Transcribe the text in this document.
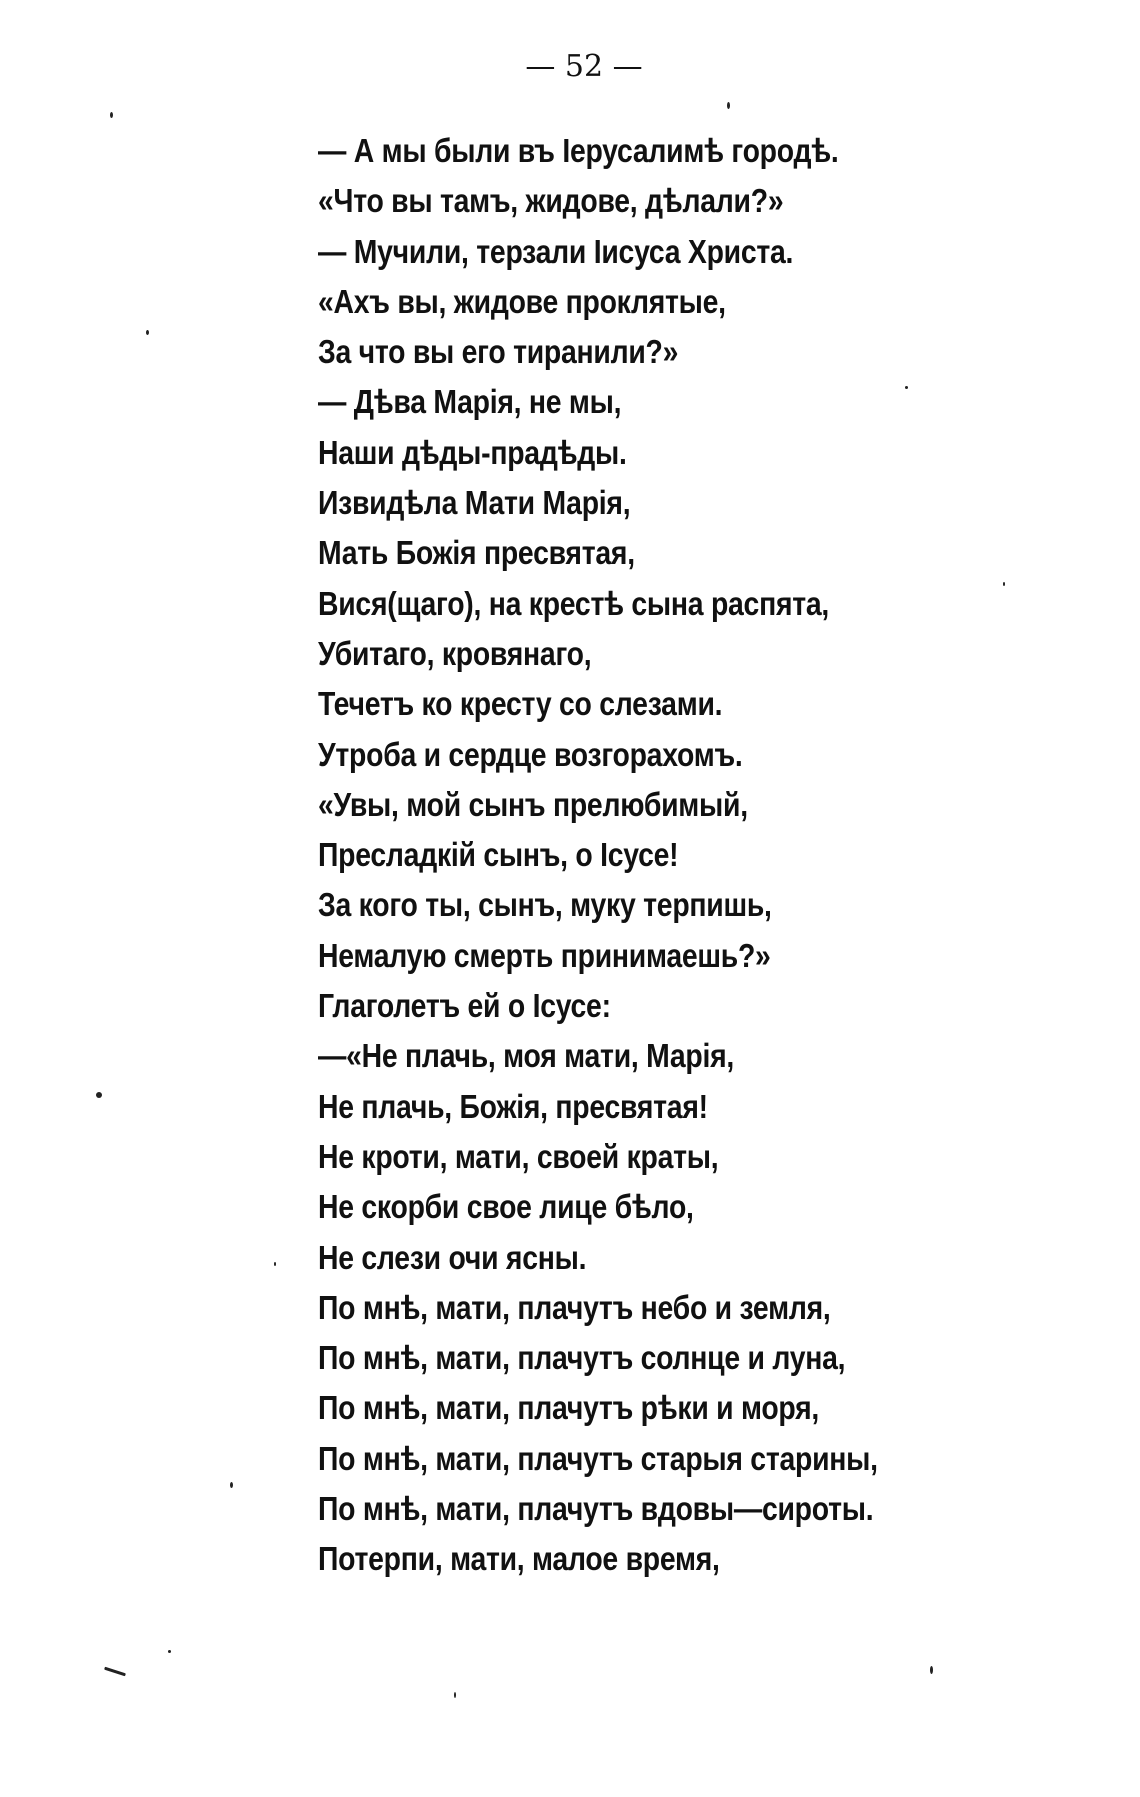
— 52 —
— А мы были въ Іерусалимѣ городѣ.
«Что вы тамъ, жидове, дѣлали?»
— Мучили, терзали Іисуса Христа.
«Ахъ вы, жидове проклятые,
За что вы его тиранили?»
— Дѣва Марія, не мы,
Наши дѣды-прадѣды.
Извидѣла Мати Марія,
Мать Божія пресвятая,
Вися(щаго), на крестѣ сына распята,
Убитаго, кровянаго,
Течетъ ко кресту со слезами.
Утроба и сердце возгорахомъ.
«Увы, мой сынъ прелюбимый,
Пресладкій сынъ, о Ісусе!
За кого ты, сынъ, муку терпишь,
Немалую смерть принимаешь?»
Глаголетъ ей о Ісусе:
—«Не плачь, моя мати, Марія,
Не плачь, Божія, пресвятая!
Не кроти, мати, своей краты,
Не скорби свое лице бѣло,
Не слези очи ясны.
По мнѣ, мати, плачутъ небо и земля,
По мнѣ, мати, плачутъ солнце и луна,
По мнѣ, мати, плачутъ рѣки и моря,
По мнѣ, мати, плачутъ старыя старины,
По мнѣ, мати, плачутъ вдовы—сироты.
Потерпи, мати, малое время,
